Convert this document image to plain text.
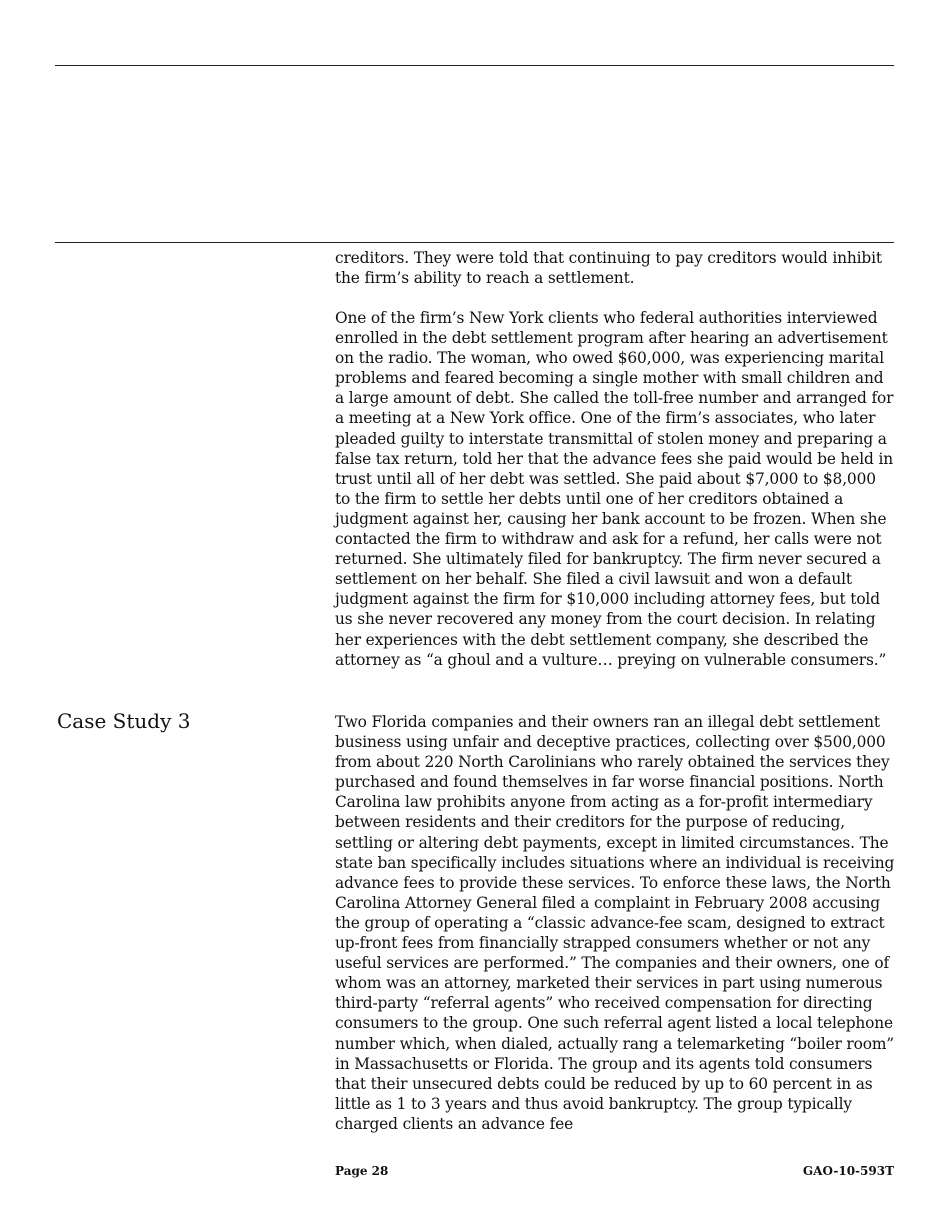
creditors. They were told that continuing to pay creditors would inhibit the firm’s ability to reach a settlement.

One of the firm’s New York clients who federal authorities interviewed enrolled in the debt settlement program after hearing an advertisement on the radio. The woman, who owed $60,000, was experiencing marital problems and feared becoming a single mother with small children and a large amount of debt. She called the toll-free number and arranged for a meeting at a New York office. One of the firm’s associates, who later pleaded guilty to interstate transmittal of stolen money and preparing a false tax return, told her that the advance fees she paid would be held in trust until all of her debt was settled. She paid about $7,000 to $8,000 to the firm to settle her debts until one of her creditors obtained a judgment against her, causing her bank account to be frozen. When she contacted the firm to withdraw and ask for a refund, her calls were not returned. She ultimately filed for bankruptcy. The firm never secured a settlement on her behalf. She filed a civil lawsuit and won a default judgment against the firm for $10,000 including attorney fees, but told us she never recovered any money from the court decision. In relating her experiences with the debt settlement company, she described the attorney as “a ghoul and a vulture… preying on vulnerable consumers.”

Case Study 3	Two Florida companies and their owners ran an illegal debt settlement business using unfair and deceptive practices, collecting over $500,000 from about 220 North Carolinians who rarely obtained the services they purchased and found themselves in far worse financial positions. North Carolina law prohibits anyone from acting as a for-profit intermediary between residents and their creditors for the purpose of reducing, settling or altering debt payments, except in limited circumstances. The state ban specifically includes situations where an individual is receiving advance fees to provide these services. To enforce these laws, the North Carolina Attorney General filed a complaint in February 2008 accusing the group of operating a “classic advance-fee scam, designed to extract up-front fees from financially strapped consumers whether or not any useful services are performed.” The companies and their owners, one of whom was an attorney, marketed their services in part using numerous third-party “referral agents” who received compensation for directing consumers to the group. One such referral agent listed a local telephone number which, when dialed, actually rang a telemarketing “boiler room” in Massachusetts or Florida. The group and its agents told consumers that their unsecured debts could be reduced by up to 60 percent in as little as 1 to 3 years and thus avoid bankruptcy. The group typically charged clients an advance fee

Page 28	GAO-10-593T
